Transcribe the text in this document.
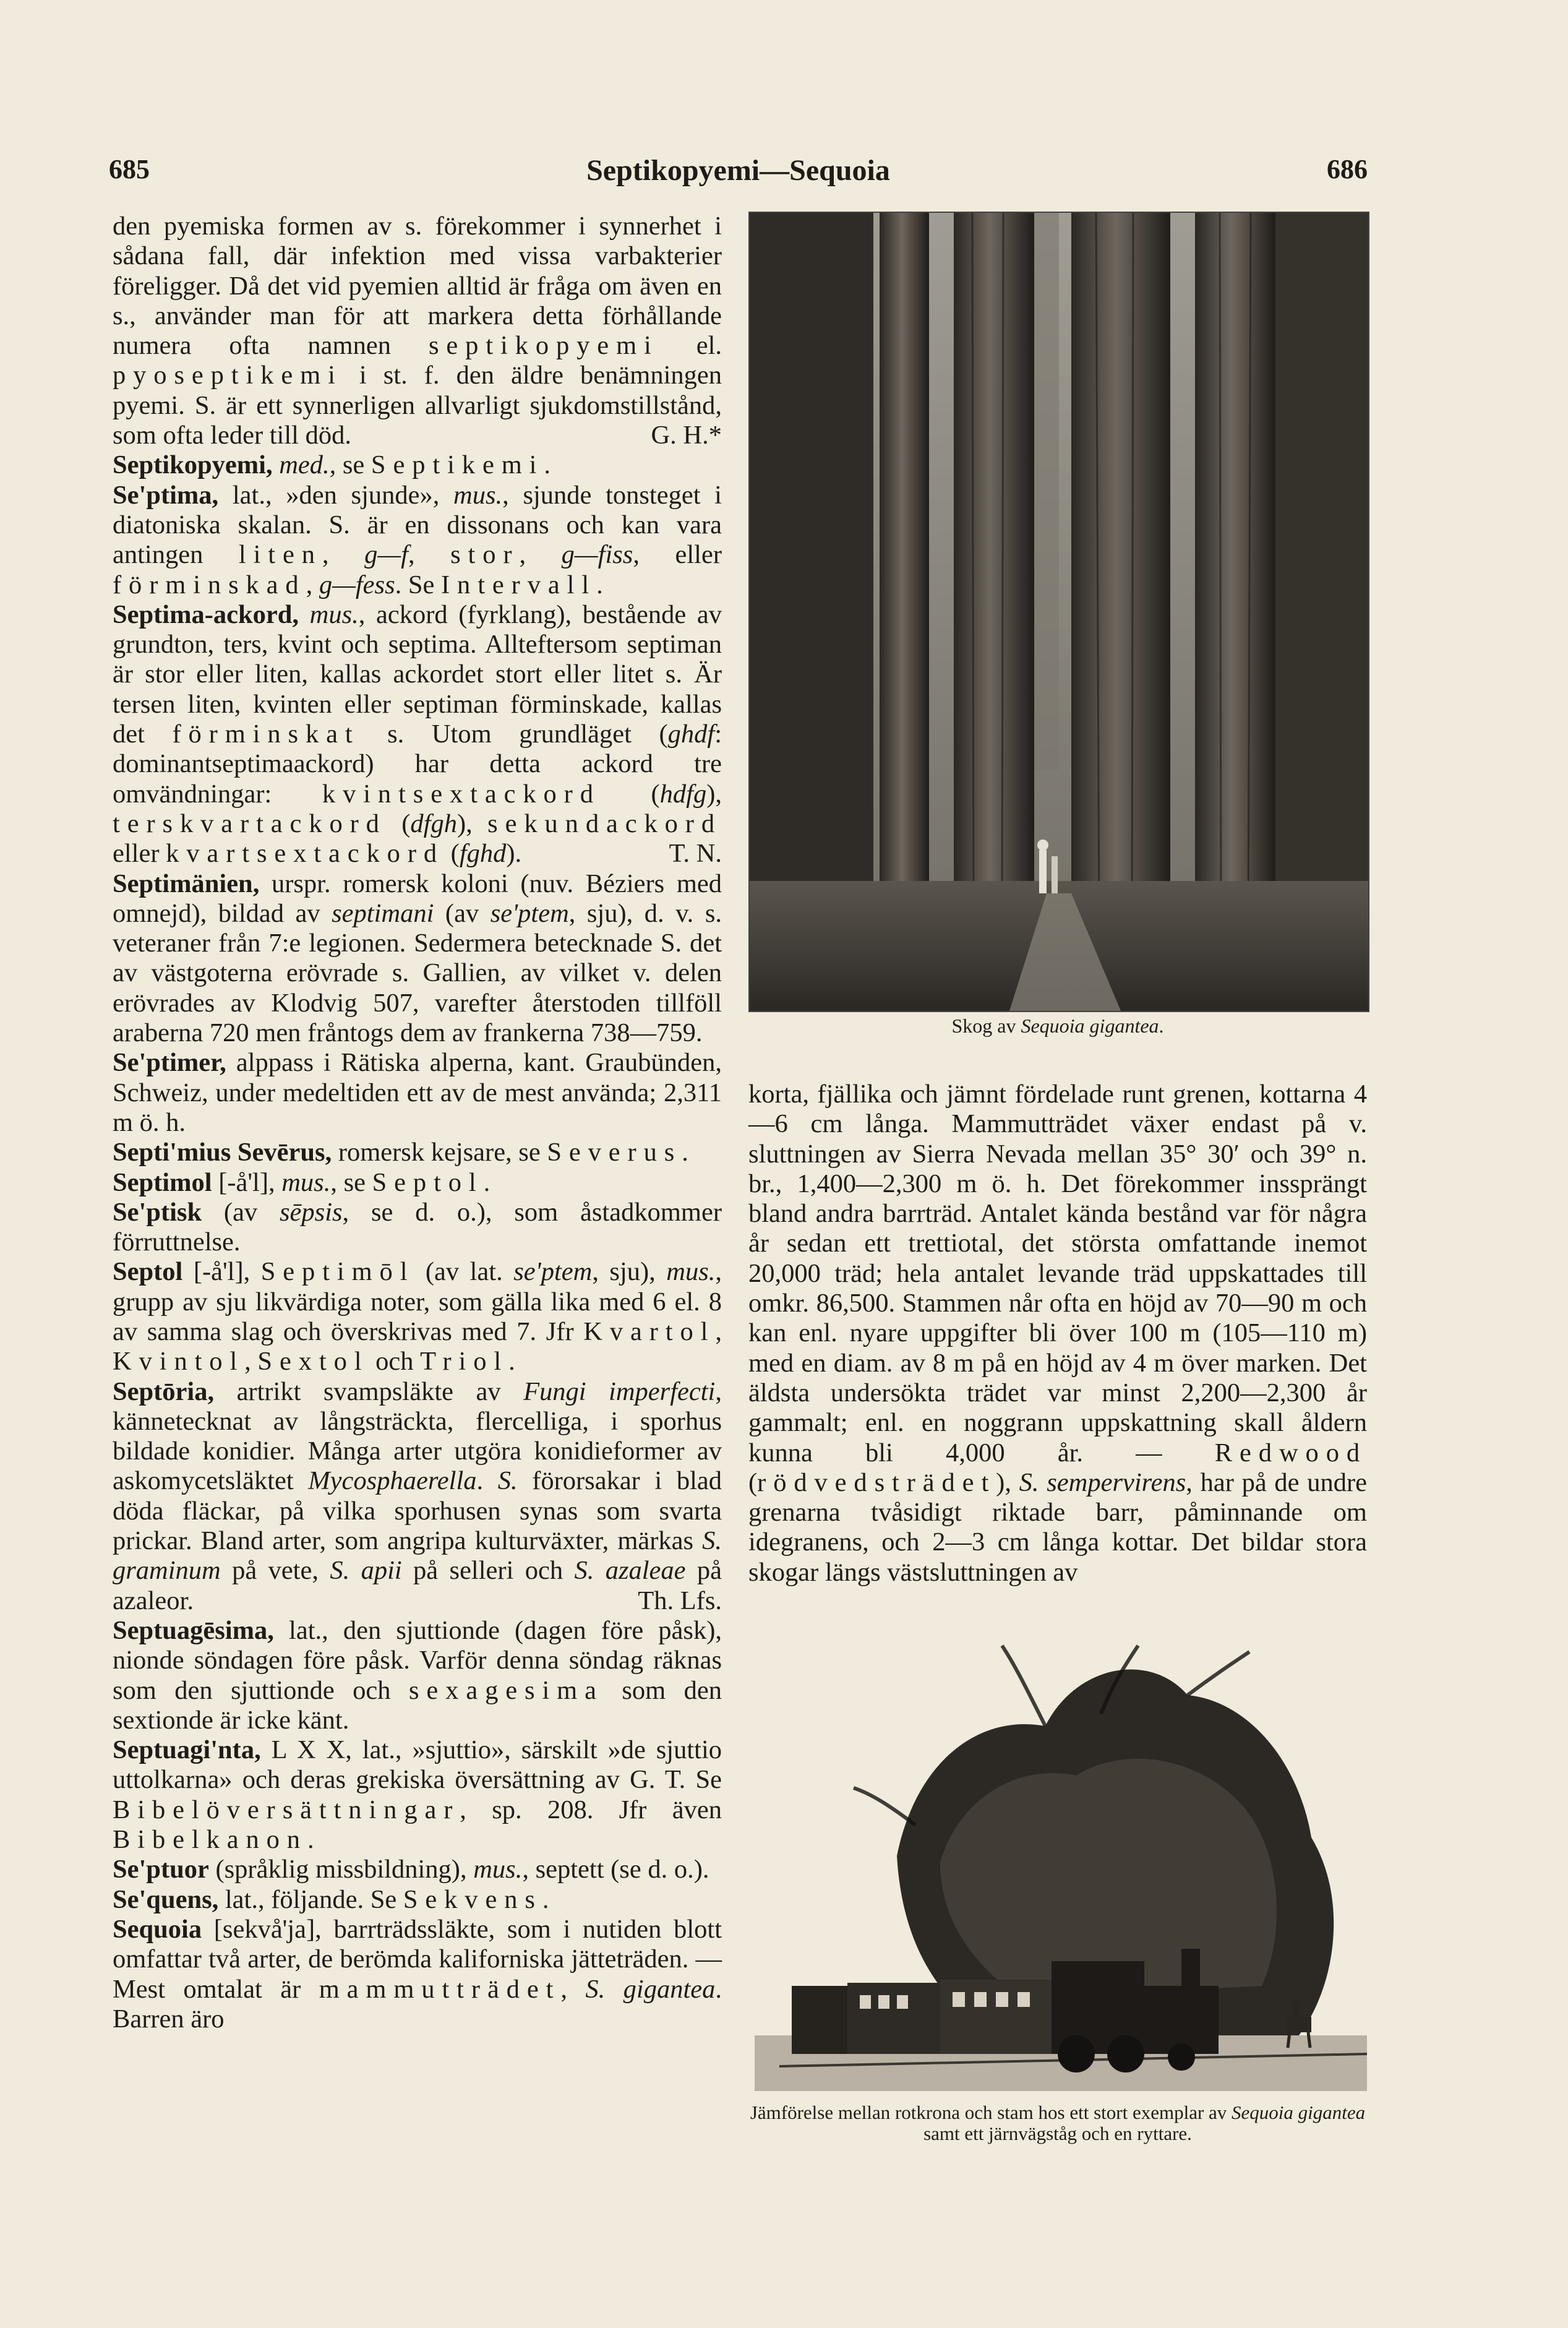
685	Septikopyemi—Sequoia	686

den pyemiska formen av s. förekommer i synnerhet i sådana fall, där infektion med vissa varbakterier föreligger. Då det vid pyemien alltid är fråga om även en s., använder man för att markera detta förhållande numera ofta namnen septikopyemi el. pyoseptikemi i st. f. den äldre benämningen pyemi. S. är ett synnerligen allvarligt sjukdomstillstånd, som ofta leder till död.	G. H.*

Septikopyemi, med., se Septikemi.

Se'ptima, lat., »den sjunde», mus., sjunde tonsteget i diatoniska skalan. S. är en dissonans och kan vara antingen liten, g—f, stor, g—fiss, eller förminskad, g—fess. Se Intervall.

Septima-ackord, mus., ackord (fyrklang), bestående av grundton, ters, kvint och septima. Allteftersom septiman är stor eller liten, kallas ackordet stort eller litet s. Är tersen liten, kvinten eller septiman förminskade, kallas det förminskat s. Utom grundläget (ghdf: dominantseptimaackord) har detta ackord tre omvändningar: kvintsextackord (hdfg), terskvartackord (dfgh), sekundackord eller kvartsextackord (fghd).	T. N.

Septimänien, urspr. romersk koloni (nuv. Béziers med omnejd), bildad av septimani (av se'ptem, sju), d. v. s. veteraner från 7:e legionen. Sedermera betecknade S. det av västgoterna erövrade s. Gallien, av vilket v. delen erövrades av Klodvig 507, varefter återstoden tillföll araberna 720 men fråntogs dem av frankerna 738—759.

Se'ptimer, alppass i Rätiska alperna, kant. Graubünden, Schweiz, under medeltiden ett av de mest använda; 2,311 m ö. h.

Septi'mius Sevērus, romersk kejsare, se Severus.

Septimol [-å'l], mus., se Septol.

Se'ptisk (av sēpsis, se d. o.), som åstadkommer förruttnelse.

Septol [-å'l], Septimōl (av lat. se'ptem, sju), mus., grupp av sju likvärdiga noter, som gälla lika med 6 el. 8 av samma slag och överskrivas med 7. Jfr Kvartol, Kvintol, Sextol och Triol.

Septōria, artrikt svampsläkte av Fungi imperfecti, kännetecknat av långsträckta, flercelliga, i sporhus bildade konidier. Många arter utgöra konidieformer av askomycetsläktet Mycosphaerella. S. förorsakar i blad döda fläckar, på vilka sporhusen synas som svarta prickar. Bland arter, som angripa kulturväxter, märkas S. graminum på vete, S. apii på selleri och S. azaleae på azaleor.	Th. Lfs.

Septuagēsima, lat., den sjuttionde (dagen före påsk), nionde söndagen före påsk. Varför denna söndag räknas som den sjuttionde och sexagesima som den sextionde är icke känt.

Septuagi'nta, L X X, lat., »sjuttio», särskilt »de sjuttio uttolkarna» och deras grekiska översättning av G. T. Se Bibelöversättningar, sp. 208. Jfr även Bibelkanon.

Se'ptuor (språklig missbildning), mus., septett (se d. o.).

Se'quens, lat., följande. Se Sekvens.

Sequoia [sekvå'ja], barrträdssläkte, som i nutiden blott omfattar två arter, de berömda kaliforniska jätteträden. — Mest omtalat är mammutträdet, S. gigantea. Barren äro

Skog av Sequoia gigantea.

korta, fjällika och jämnt fördelade runt grenen, kottarna 4—6 cm långa. Mammutträdet växer endast på v. sluttningen av Sierra Nevada mellan 35° 30′ och 39° n. br., 1,400—2,300 m ö. h. Det förekommer inssprängt bland andra barrträd. Antalet kända bestånd var för några år sedan ett trettiotal, det största omfattande inemot 20,000 träd; hela antalet levande träd uppskattades till omkr. 86,500. Stammen når ofta en höjd av 70—90 m och kan enl. nyare uppgifter bli över 100 m (105—110 m) med en diam. av 8 m på en höjd av 4 m över marken. Det äldsta undersökta trädet var minst 2,200—2,300 år gammalt; enl. en noggrann uppskattning skall åldern kunna bli 4,000 år. — Redwood (rödvedsträdet), S. sempervirens, har på de undre grenarna tvåsidigt riktade barr, påminnande om idegranens, och 2—3 cm långa kottar. Det bildar stora skogar längs västsluttningen av

Jämförelse mellan rotkrona och stam hos ett stort exemplar av Sequoia gigantea samt ett järnvägståg och en ryttare.
